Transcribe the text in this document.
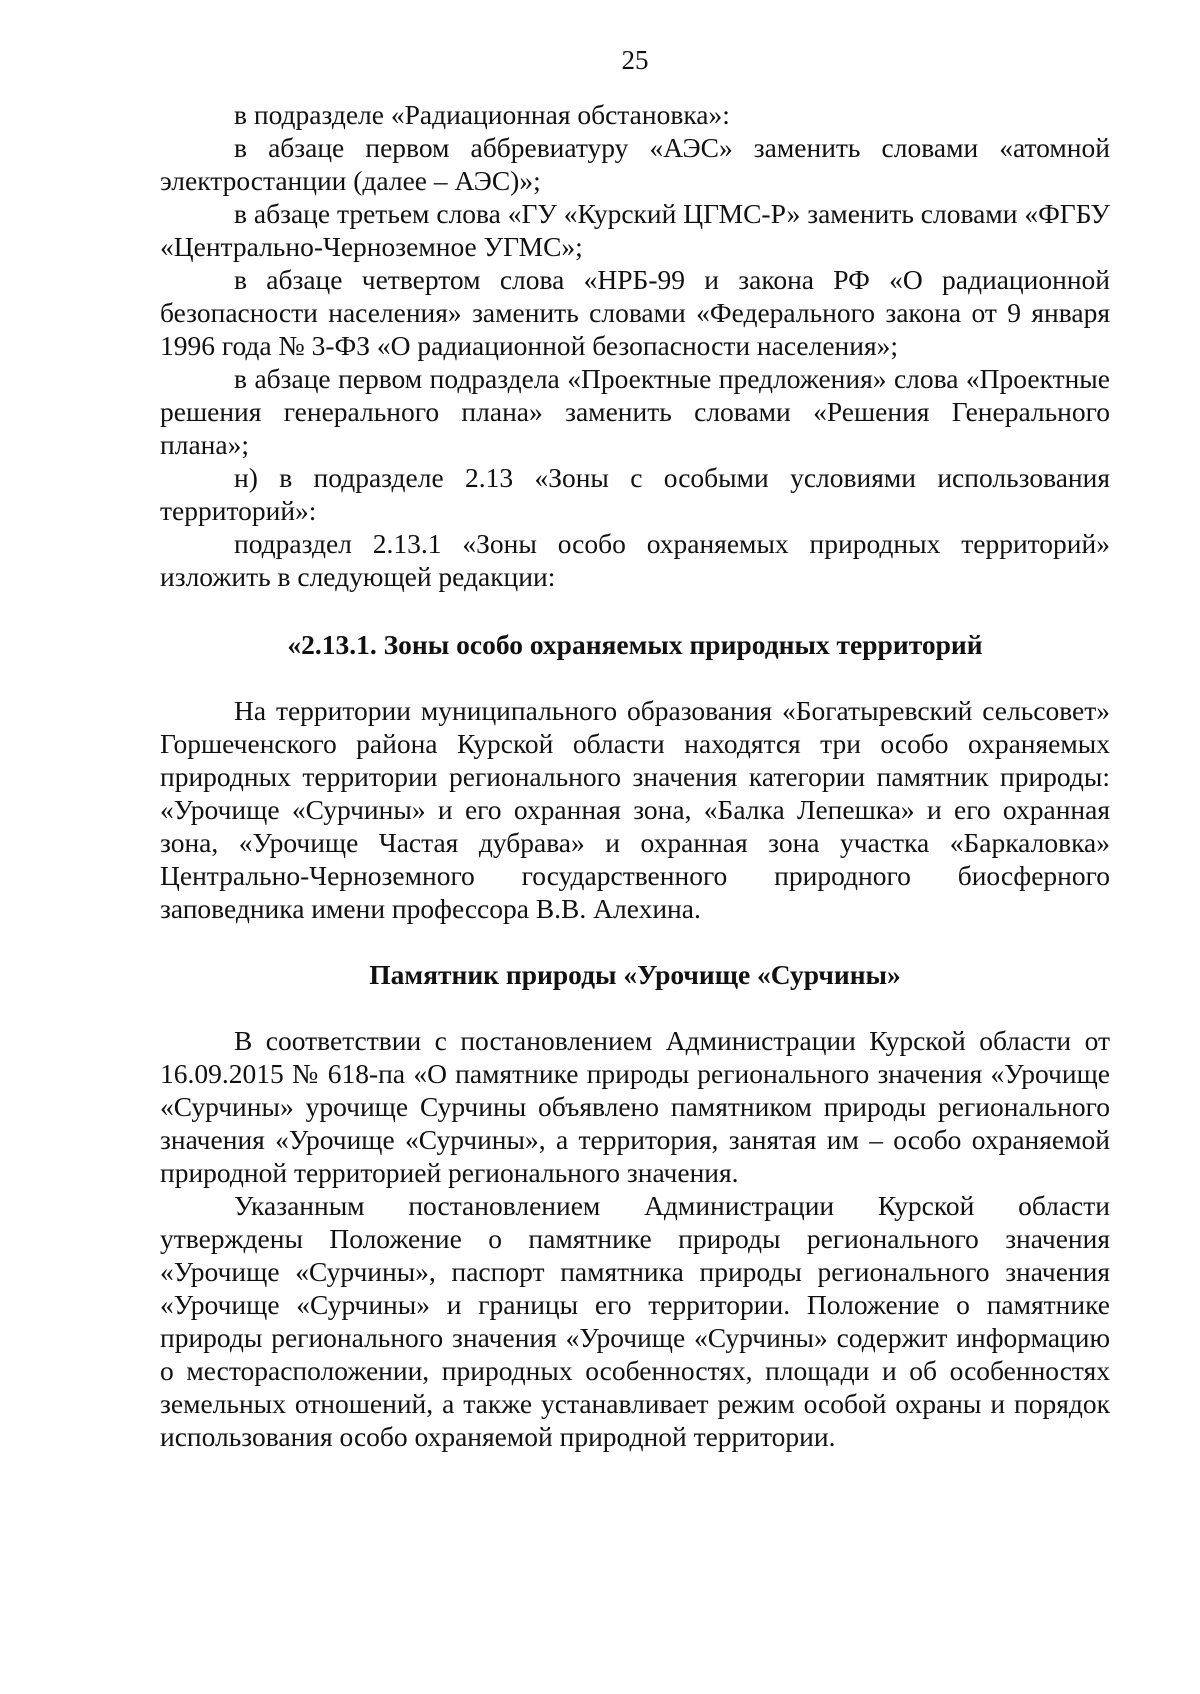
25

в подразделе «Радиационная обстановка»:

в абзаце первом аббревиатуру «АЭС» заменить словами «атомной электростанции (далее – АЭС)»;

в абзаце третьем слова «ГУ «Курский ЦГМС-Р» заменить словами «ФГБУ «Центрально-Черноземное УГМС»;

в абзаце четвертом слова «НРБ-99 и закона РФ «О радиационной безопасности населения» заменить словами «Федерального закона от 9 января 1996 года № 3-ФЗ «О радиационной безопасности населения»;

в абзаце первом подраздела «Проектные предложения» слова «Проектные решения генерального плана» заменить словами «Решения Генерального плана»;

н) в подразделе 2.13 «Зоны с особыми условиями использования территорий»:

подраздел 2.13.1 «Зоны особо охраняемых природных территорий» изложить в следующей редакции:

«2.13.1. Зоны особо охраняемых природных территорий

На территории муниципального образования «Богатыревский сельсовет» Горшеченского района Курской области находятся три особо охраняемых природных территории регионального значения категории памятник природы: «Урочище «Сурчины» и его охранная зона, «Балка Лепешка» и его охранная зона, «Урочище Частая дубрава» и охранная зона участка «Баркаловка» Центрально-Черноземного государственного природного биосферного заповедника имени профессора В.В. Алехина.

Памятник природы «Урочище «Сурчины»

В соответствии с постановлением Администрации Курской области от 16.09.2015 № 618-па «О памятнике природы регионального значения «Урочище «Сурчины» урочище Сурчины объявлено памятником природы регионального значения «Урочище «Сурчины», а территория, занятая им – особо охраняемой природной территорией регионального значения.

Указанным постановлением Администрации Курской области утверждены Положение о памятнике природы регионального значения «Урочище «Сурчины», паспорт памятника природы регионального значения «Урочище «Сурчины» и границы его территории. Положение о памятнике природы регионального значения «Урочище «Сурчины» содержит информацию о месторасположении, природных особенностях, площади и об особенностях земельных отношений, а также устанавливает режим особой охраны и порядок использования особо охраняемой природной территории.
